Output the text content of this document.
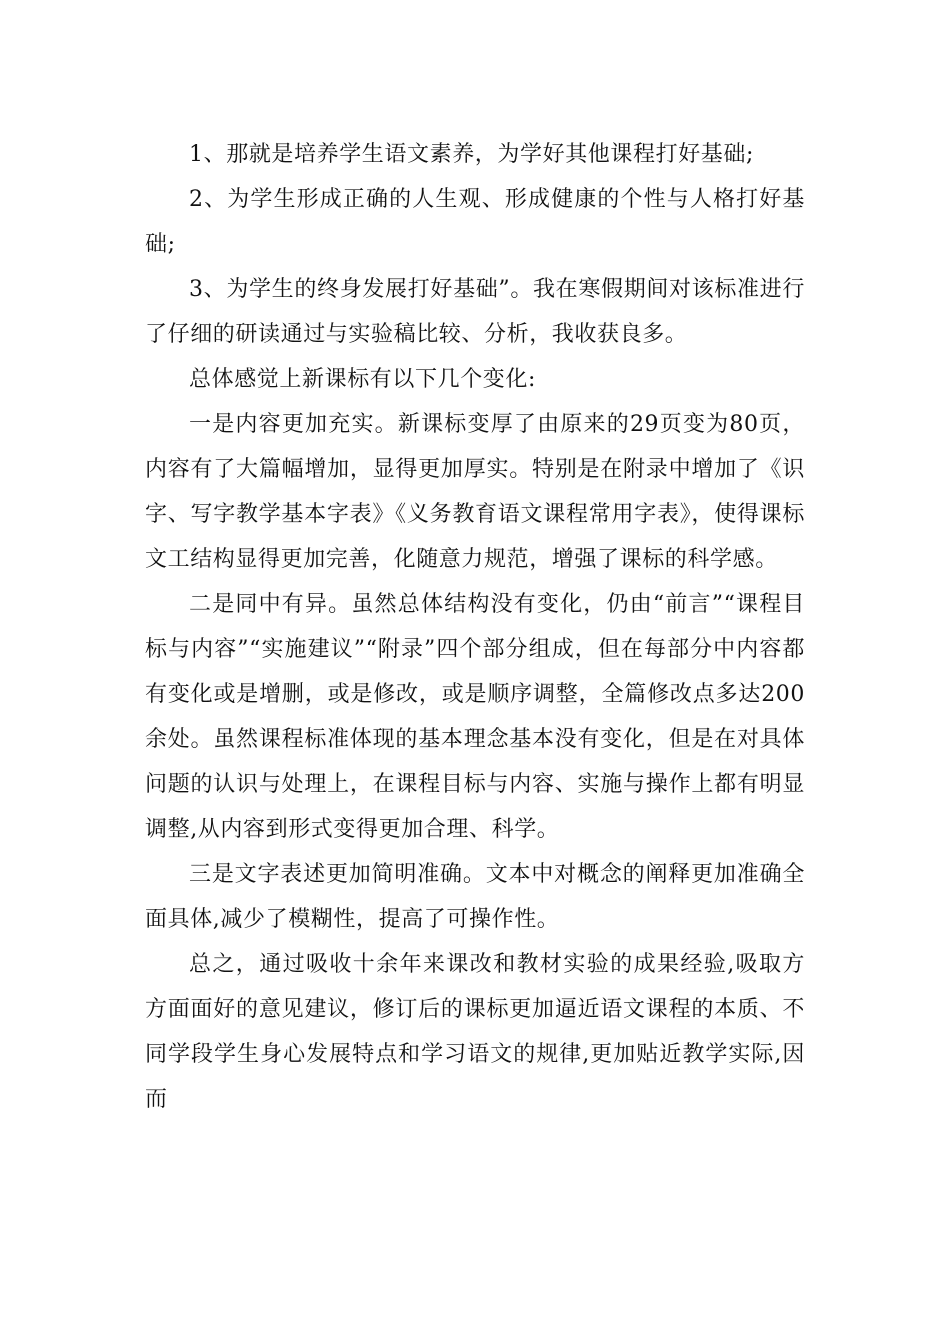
1、那就是培养学生语文素养，为学好其他课程打好基础;

2、为学生形成正确的人生观、形成健康的个性与人格打好基础;

3、为学生的终身发展打好基础”。我在寒假期间对该标准进行了仔细的研读通过与实验稿比较、分析，我收获良多。

总体感觉上新课标有以下几个变化:

一是内容更加充实。新课标变厚了由原来的29页变为80页，内容有了大篇幅增加，显得更加厚实。特别是在附录中增加了《识字、写字教学基本字表》《义务教育语文课程常用字表》，使得课标文工结构显得更加完善，化随意力规范，增强了课标的科学感。

二是同中有异。虽然总体结构没有变化，仍由“前言”“课程目标与内容”“实施建议”“附录”四个部分组成，但在每部分中内容都有变化或是增删，或是修改，或是顺序调整，全篇修改点多达200余处。虽然课程标准体现的基本理念基本没有变化，但是在对具体问题的认识与处理上，在课程目标与内容、实施与操作上都有明显调整,从内容到形式变得更加合理、科学。

三是文字表述更加简明准确。文本中对概念的阐释更加准确全面具体,减少了模糊性，提高了可操作性。

总之，通过吸收十余年来课改和教材实验的成果经验,吸取方方面面好的意见建议，修订后的课标更加逼近语文课程的本质、不同学段学生身心发展特点和学习语文的规律,更加贴近教学实际,因而
